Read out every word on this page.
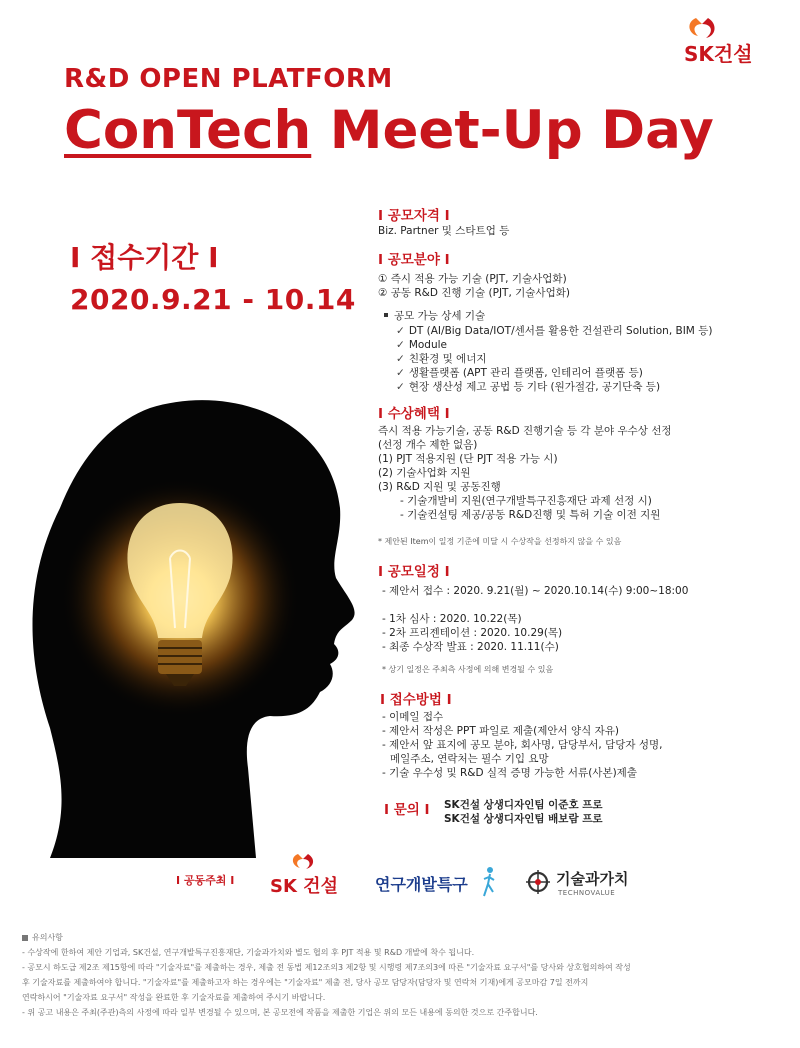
SK건설
R&D OPEN PLATFORM
ConTech Meet-Up Day
I 접수기간 I
2020.9.21 - 10.14
I 공모자격 I
Biz. Partner 및 스타트업 등
I 공모분야 I
① 즉시 적용 가능 기술 (PJT, 기술사업화)
② 공동 R&D 진행 기술 (PJT, 기술사업화)
공모 가능 상세 기술
✓ DT (AI/Big Data/IOT/센서를 활용한 건설관리 Solution, BIM 등)
✓ Module
✓ 친환경 및 에너지
✓ 생활플랫폼 (APT 관리 플랫폼, 인테리어 플랫폼 등)
✓ 현장 생산성 제고 공법 등 기타 (원가절감, 공기단축 등)
I 수상혜택 I
즉시 적용 가능기술, 공동 R&D 진행기술 등 각 분야 우수상 선정
(선정 개수 제한 없음)
(1) PJT 적용지원 (단 PJT 적용 가능 시)
(2) 기술사업화 지원
(3) R&D 지원 및 공동진행
- 기술개발비 지원(연구개발특구진흥재단 과제 선정 시)
- 기술컨설팅 제공/공동 R&D진행 및 특허 기술 이전 지원
* 제안된 Item이 일정 기준에 미달 시 수상작을 선정하지 않을 수 있음
I 공모일정 I
- 제안서 접수 : 2020. 9.21(월) ~ 2020.10.14(수) 9:00~18:00
- 1차 심사 : 2020. 10.22(목)
- 2차 프리젠테이션 : 2020. 10.29(목)
- 최종 수상작 발표 : 2020. 11.11(수)
* 상기 일정은 주최측 사정에 의해 변경될 수 있음
I 접수방법 I
- 이메일 접수
- 제안서 작성은 PPT 파일로 제출(제안서 양식 자유)
- 제안서 앞 표지에 공모 분야, 회사명, 담당부서, 담당자 성명,
메일주소, 연락처는 필수 기입 요망
- 기술 우수성 및 R&D 실적 증명 가능한 서류(사본)제출
I 문의 I SK건설 상생디자인팀 이준호 프로
SK건설 상생디자인팀 배보람 프로
I 공동주최 I SK 건설 연구개발특구	기술과가치
TECHNOVALUE
유의사항
- 수상작에 한하여 제안 기업과, SK건설, 연구개발특구진흥재단, 기술과가치와 별도 협의 후 PJT 적용 및 R&D 개발에 착수 됩니다.
- 공모시 하도급 제2조 제15항에 따라 "기술자료"를 제출하는 경우, 제출 전 동법 제12조의3 제2항 및 시행령 제7조의3에 따른 "기술자료 요구서"를 당사와 상호협의하여 작성
후 기술자료를 제출하여야 합니다. "기술자료"를 제출하고자 하는 경우에는 "기술자료" 제출 전, 당사 공모 담당자(담당자 및 연락처 기재)에게 공모마감 7일 전까지
연락하시어 "기술자료 요구서" 작성을 완료한 후 기술자료를 제출하여 주시기 바랍니다.
- 위 공고 내용은 주최(주관)측의 사정에 따라 일부 변경될 수 있으며, 본 공모전에 작품을 제출한 기업은 위의 모든 내용에 동의한 것으로 간주합니다.
